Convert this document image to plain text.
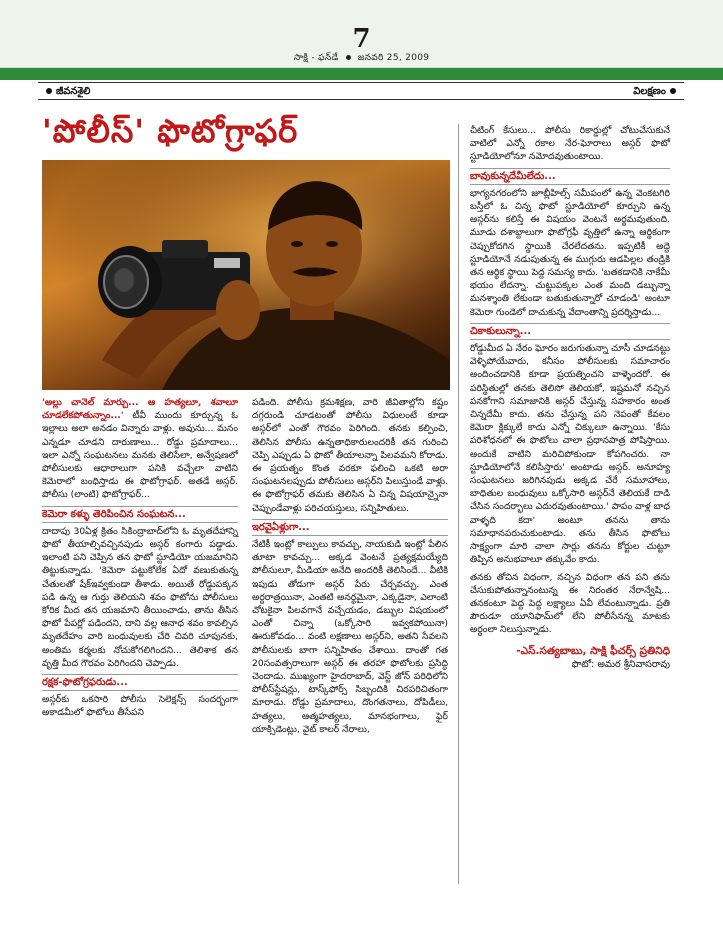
7
సాక్షి - ఫన్‌డే జనవరి 25, 2009
జీవనశైలి	విలక్షణం
'పోలీస్' ఫొటోగ్రాఫర్

'అల్లు చానెల్ మార్చు... ఆ హత్యలూ, శవాలూ చూడలేకపోతున్నాం...' టీవీ ముందు కూర్చున్న ఓ ఇల్లాలు అలా అనడం విన్నారు వాళ్లు. అవును... మనం ఎన్నడూ చూడని దారుణాలు... రోడ్డు ప్రమాదాలు... ఇలా ఎన్నో సంఘటనలు మనకు తెలిసేలా, అన్వేషణలో పోలీసులకు ఆధారాలుగా పనికి వచ్చేలా వాటిని కెమెరాలో బంధిస్తాడు ఈ ఫొటోగ్రాఫర్. అతడే అస్గర్. పోలీసు (లాంటి) ఫొటోగ్రాఫర్...

కెమెరా కళ్ళు తెరిపించిన సంఘటన...

దాదాపు 30ఏళ్ల క్రితం సికింద్రాబాద్‌లోని ఓ మృతదేహాన్ని ఫొటో తీయాల్సివచ్చినపుడు అస్గర్ కంగారు పడ్డాడు. ఇలాంటి పని చెప్పిన తన ఫొటో స్టూడియో యజమానిని తిట్టుకున్నాడు. 'కెమెరా పట్టుకోలేక ఏదో వణుకుతున్న చేతులతో షేక్‌ఇవ్వకుండా తీశాడు. అయితే రోడ్డుపక్కన పడి ఉన్న ఆ గుర్తు తెలియని శవం ఫొటోను పోలీసులు కోరిక మీద తన యజమాని తీయించాడు, తాను తీసిన ఫొటో పేపర్లో పడిందని, దాని వల్ల ఆనాధ శవం కావల్సిన మృతదేహం వారి బంధువులకు చేరి చివరి చూపునకు, అంతిమ కర్మలకు నోచుకోగలిగిందని... తెలిశాక తన వృత్తి మీద గౌరవం పెరిగిందని చెప్పాడు.

రక్షక-ఫొటోగ్రఫరుడు...

అస్గర్‌కు ఒకసారి పోలీసు సెలెక్షన్స్ సందర్భంగా అకాడమీలో ఫొటోలు తీసేపని

పడింది. పోలీసు క్రమశిక్షణ, వారి జీవితాల్లోని కష్టం దగ్గరుండి చూడటంతో పోలీసు విధులంటే కూడా అస్గర్‌లో ఎంతో గౌరవం పెరిగింది. తనకు కల్పించి, తెలిసిన పోలీసు ఉన్నతాధికారులందరికీ తన గురించి చెప్పి ఎప్పుడు ఏ ఫొటో తీయాలన్నా పిలవమని కోరాడు. ఈ ప్రయత్నం కొంత వరకూ ఫలించి ఒకటి అరా సంఘటనలప్పుడు పోలీసులు అస్గర్‌ని పిలుస్తుండే వాళ్లు. ఈ ఫొటోగ్రాఫర్ తమకు తెలిసిన ఏ చిన్న విషయాన్నైనా చెప్పుండేవాళ్లు పరిచయస్తులు, సన్నిహితులు.

ఇరవైఏళ్లుగా...

నేటికీ ఇంట్లో కాల్పులు కావచ్చు, నాయకుడి ఇంట్లో పేలిన తూటా కావచ్చు... అక్కడ వెంటనే ప్రత్యక్షమయ్యేది పోలీసులూ, మీడియా అనేది అందరికీ తెలిసిందే... వీటికి ఇపుడు తోడుగా అస్గర్ పేరు చేర్చవచ్చు. ఎంత అర్ధరాత్రయినా, ఎంతటి అనర్థమైనా, ఎక్కడైనా, ఎలాంటి చోటకైనా పిలవగానే వచ్చేయడం, డబ్బుల విషయంలో ఎంతో చిన్నా (ఒక్కోసారి ఇవ్వకపోయినా) ఊరుకోవడం... వంటి లక్షణాలు అస్గర్‌ని, అతని సేవలని పోలీసులకు బాగా సన్నిహితం చేశాయి. దాంతో గత 20సంవత్సరాలుగా అస్గర్ ఈ తరహా ఫొటోలకు ప్రసిద్ధి చెందాడు. ముఖ్యంగా హైదరాబాద్, వెస్ట్ జోన్ పరిధిలోని పోలీస్‌స్టేషన్లు, టాస్క్‌ఫోర్స్ సిబ్బందికి చిరపరిచితంగా మారాడు. రోడ్డు ప్రమాదాలు, దొంగతనాలు, దోపిడీలు, హత్యలు, ఆత్మహత్యలు, మానభంగాలు, ఫైర్ యాక్సిడెంట్లు, వైట్ కాలర్ నేరాలు,

చీటింగ్ కేసులు... పోలీసు రికార్డుల్లో చోటుచేసుకునే వాటిలో ఎన్నో రకాల నేర-ఘోరాలు అస్గర్ ఫొటో స్టూడియోలోనూ నమోదవుతుంటాయి.

బావుకున్నదేమీలేదు...

భాగ్యనగరంలోని జూబ్లీహిల్స్ సమీపంలో ఉన్న వెంకటగిరి బస్తీలో ఓ చిన్న ఫొటో స్టూడియోలో కూర్చుని ఉన్న అస్గర్‌ను కలిస్తే ఈ విషయం వెంటనే అర్థమవుతుంది. మూడు దశాబ్దాలుగా ఫొటోగ్రఫీ వృత్తిలో ఉన్నా ఆర్థికంగా చెప్పుకోదగిన స్థాయికి చేరలేదతను. ఇప్పటికీ అద్దె స్టూడియోనే నడుపుతున్న ఈ ముగ్గురు ఆడపిల్లల తండ్రికి తన ఆర్థిక స్థాయి పెద్ద సమస్య కాదు. 'బతకడానికి నాకేమీ భయం లేదన్నా. చుట్టుపక్కల ఎంత మంది డబ్బున్నా మనశ్శాంతి లేకుండా బతుకుతున్నారో చూడండి' అంటూ కెమెరా గుండెలో దాచుకున్న వేదాంతాన్ని ప్రదర్శిస్తాడు...

చికాకులున్నా...

రోడ్డుమీద ఏ నేరం ఘోరం జరుగుతున్నా చూసీ చూడనట్టు వెళ్ళిపోయేవారు, కనీసం పోలీసులకు సమాచారం అందించడానికి కూడా ప్రయత్నించని వాళ్ళెందరో. ఈ పరిస్థితుల్లో తనకు తెలిసో తెలియకో, ఇష్టమనో నచ్చిన పనకోగాని సమాజానికి అస్గర్ చేస్తున్న సహకారం అంత చిన్నదేమీ కాదు. తను చేస్తున్న పని నెపంతో కేవలం కెమెరా క్లిక్కులే కాదు ఎన్నో చిక్కులూ ఉన్నాయి. 'కేసు పరిశోధనలో ఈ ఫొటోలు చాలా ప్రధానపాత్ర పోషిస్తాయి. అందుకే వాటిని మరిచిపోకుండా కోపగించరు. నా స్టూడియోలోనే కలిసేస్తారు' అంటాడు అస్గర్. అనూహ్య సంఘటనలు జరిగినపుడు అక్కడ చేరే సమూహాలు, బాధితుల బంధువులు ఒక్కోసారి అస్గర్‌నే తెలియకే దాడి చేసిన సందర్భాలు ఎదురవుతుంటాయి.' పాపం వాళ్ల బాధ వాళ్ళది కదా' అంటూ తనను తాను సమాధానపరుచుకుంటాడు. తను తీసిన ఫొటోలు సాక్ష్యంగా మారి చాలా సార్లు తనను కోర్టుల చుట్టూ తిప్పిన అనుభవాలూ తక్కువేం కాదు.

తనకు తోచిన విధంగా, నచ్చిన విధంగా తన పని తను చేసుకుపోతున్నానంటున్న ఈ నిరంతర నేరాన్వేషి... తనకంటూ పెద్ద పెద్ద లక్ష్యాలు ఏవీ లేవంటున్నాడు. ప్రతి పౌరుడూ యూనిఫామ్‌లో లేని పోలీసేనన్న మాటకు అర్థంలా నిలుస్తున్నాడు.

-ఎస్.సత్యబాబు, సాక్షి ఫీచర్స్ ప్రతినిధి
ఫొటో: అమర శ్రీనివాసరావు
